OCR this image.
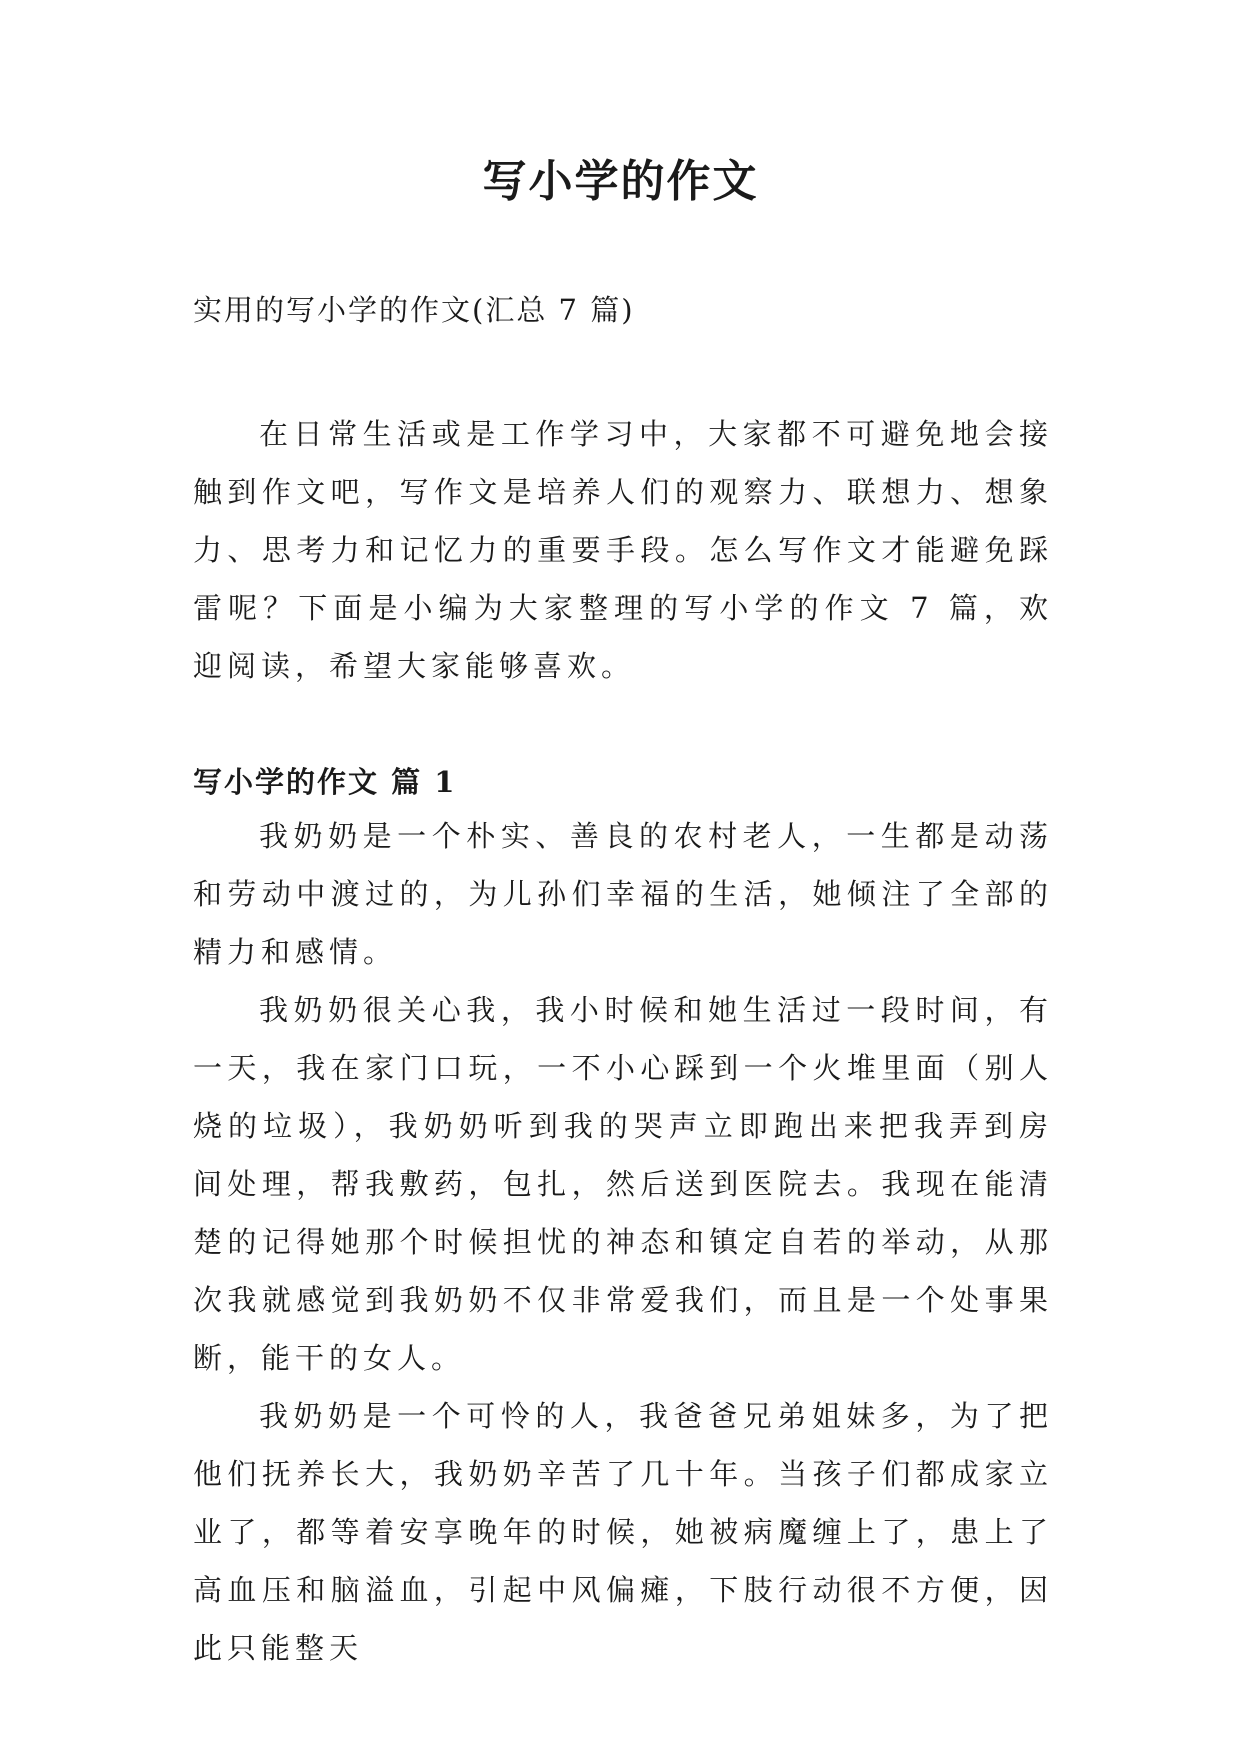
写小学的作文
实用的写小学的作文(汇总 7 篇)

在日常生活或是工作学习中，大家都不可避免地会接触到作文吧，写作文是培养人们的观察力、联想力、想象力、思考力和记忆力的重要手段。怎么写作文才能避免踩雷呢？下面是小编为大家整理的写小学的作文 7 篇，欢迎阅读，希望大家能够喜欢。

写小学的作文 篇 1

我奶奶是一个朴实、善良的农村老人，一生都是动荡和劳动中渡过的，为儿孙们幸福的生活，她倾注了全部的精力和感情。

我奶奶很关心我，我小时候和她生活过一段时间，有一天，我在家门口玩，一不小心踩到一个火堆里面（别人烧的垃圾），我奶奶听到我的哭声立即跑出来把我弄到房间处理，帮我敷药，包扎，然后送到医院去。我现在能清楚的记得她那个时候担忧的神态和镇定自若的举动，从那次我就感觉到我奶奶不仅非常爱我们，而且是一个处事果断，能干的女人。

我奶奶是一个可怜的人，我爸爸兄弟姐妹多，为了把他们抚养长大，我奶奶辛苦了几十年。当孩子们都成家立业了，都等着安享晚年的时候，她被病魔缠上了，患上了高血压和脑溢血，引起中风偏瘫，下肢行动很不方便，因此只能整天
